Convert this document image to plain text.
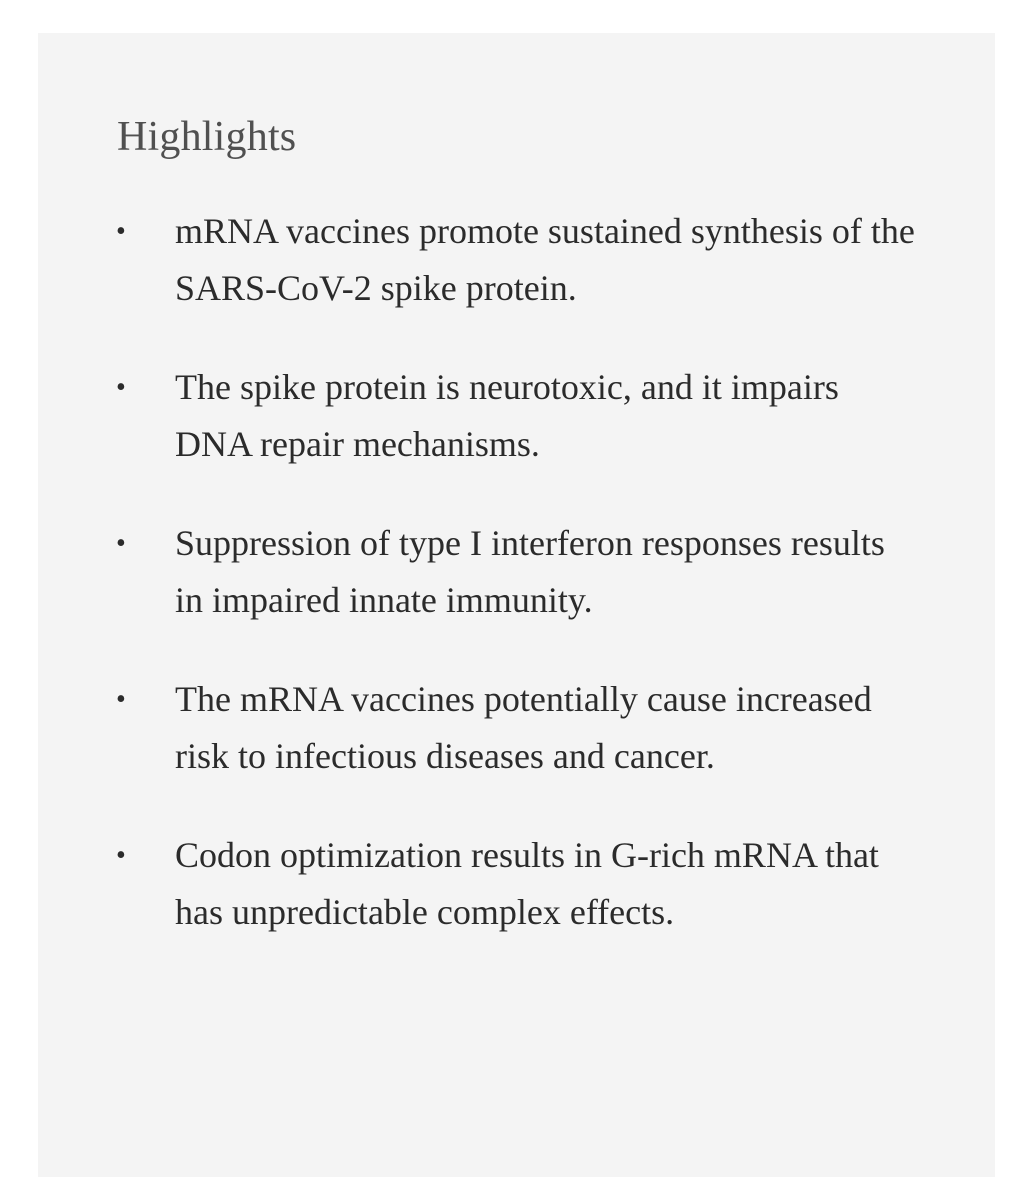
Highlights
• mRNA vaccines promote sustained synthesis of the SARS-CoV-2 spike protein.
• The spike protein is neurotoxic, and it impairs DNA repair mechanisms.
• Suppression of type I interferon responses results in impaired innate immunity.
• The mRNA vaccines potentially cause increased risk to infectious diseases and cancer.
• Codon optimization results in G-rich mRNA that has unpredictable complex effects.
